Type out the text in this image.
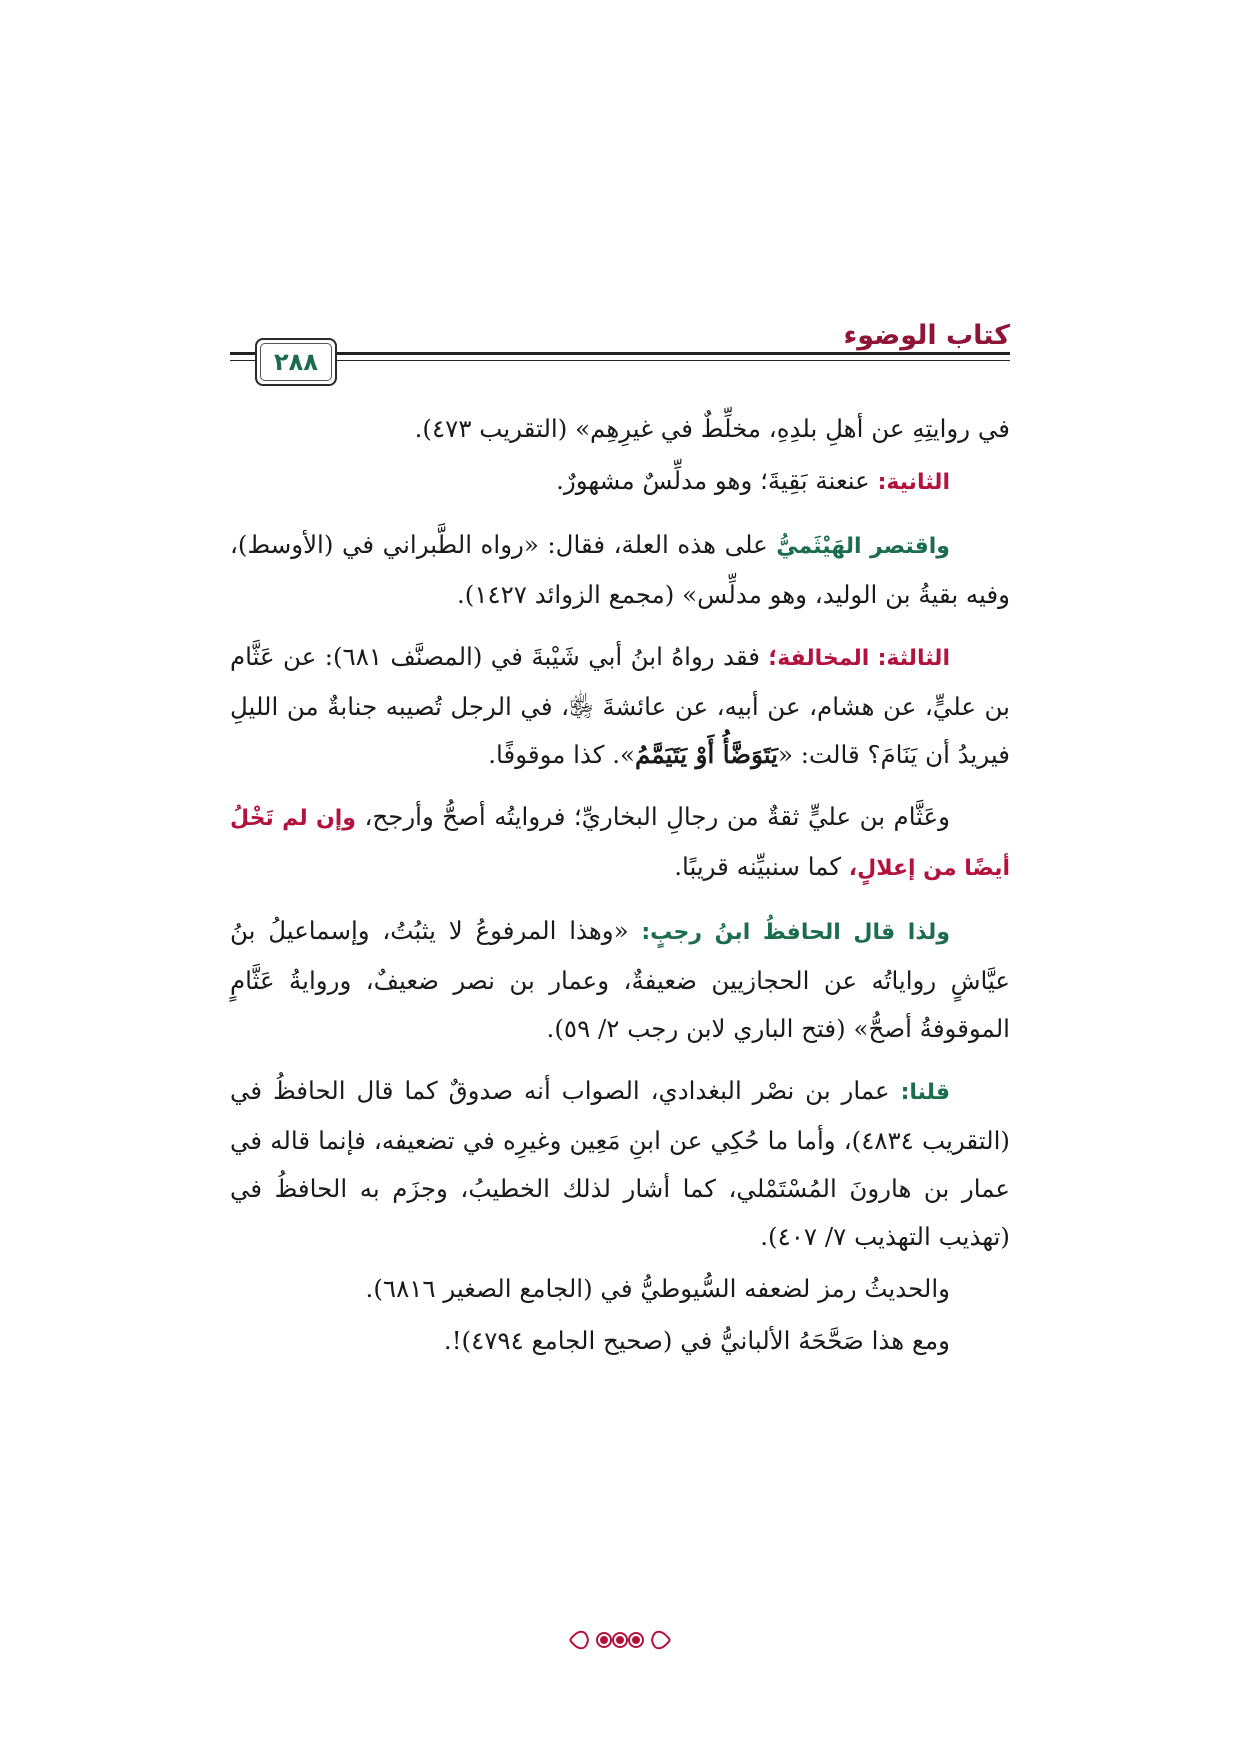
كتاب الوضوء
٢٨٨

في روايتِهِ عن أهلِ بلدِهِ، مخلِّطٌ في غيرِهِم» (التقريب ٤٧٣).

الثانية: عنعنة بَقِيةَ؛ وهو مدلِّسٌ مشهورٌ.

واقتصر الهَيْثَميُّ على هذه العلة، فقال: «رواه الطَّبراني في (الأوسط)، وفيه بقيةُ بن الوليد، وهو مدلِّس» (مجمع الزوائد ١٤٢٧).

الثالثة: المخالفة؛ فقد رواهُ ابنُ أبي شَيْبةَ في (المصنَّف ٦٨١): عن عَثَّام بن عليٍّ، عن هشام، عن أبيه، عن عائشةَ ﵂، في الرجل تُصيبه جنابةٌ من الليلِ فيريدُ أن يَنَامَ؟ قالت: «يَتَوَضَّأُ أَوْ يَتَيَمَّمُ». كذا موقوفًا.

وعَثَّام بن عليٍّ ثقةٌ من رجالِ البخاريِّ؛ فروايتُه أصحُّ وأرجح، وإن لم تَخْلُ أيضًا من إعلالٍ، كما سنبيِّنه قريبًا.

ولذا قال الحافظُ ابنُ رجبٍ: «وهذا المرفوعُ لا يثبُتُ، وإسماعيلُ بنُ عيَّاشٍ رواياتُه عن الحجازيين ضعيفةٌ، وعمار بن نصر ضعيفٌ، وروايةُ عَثَّامٍ الموقوفةُ أصحُّ» (فتح الباري لابن رجب ٢/ ٥٩).

قلنا: عمار بن نصْر البغدادي، الصواب أنه صدوقٌ كما قال الحافظُ في (التقريب ٤٨٣٤)، وأما ما حُكِي عن ابنِ مَعِين وغيرِه في تضعيفه، فإنما قاله في عمار بن هارونَ المُسْتَمْلي، كما أشار لذلك الخطيبُ، وجزَم به الحافظُ في (تهذيب التهذيب ٧/ ٤٠٧).

والحديثُ رمز لضعفه السُّيوطيُّ في (الجامع الصغير ٦٨١٦).

ومع هذا صَحَّحَهُ الألبانيُّ في (صحيح الجامع ٤٧٩٤)!.
